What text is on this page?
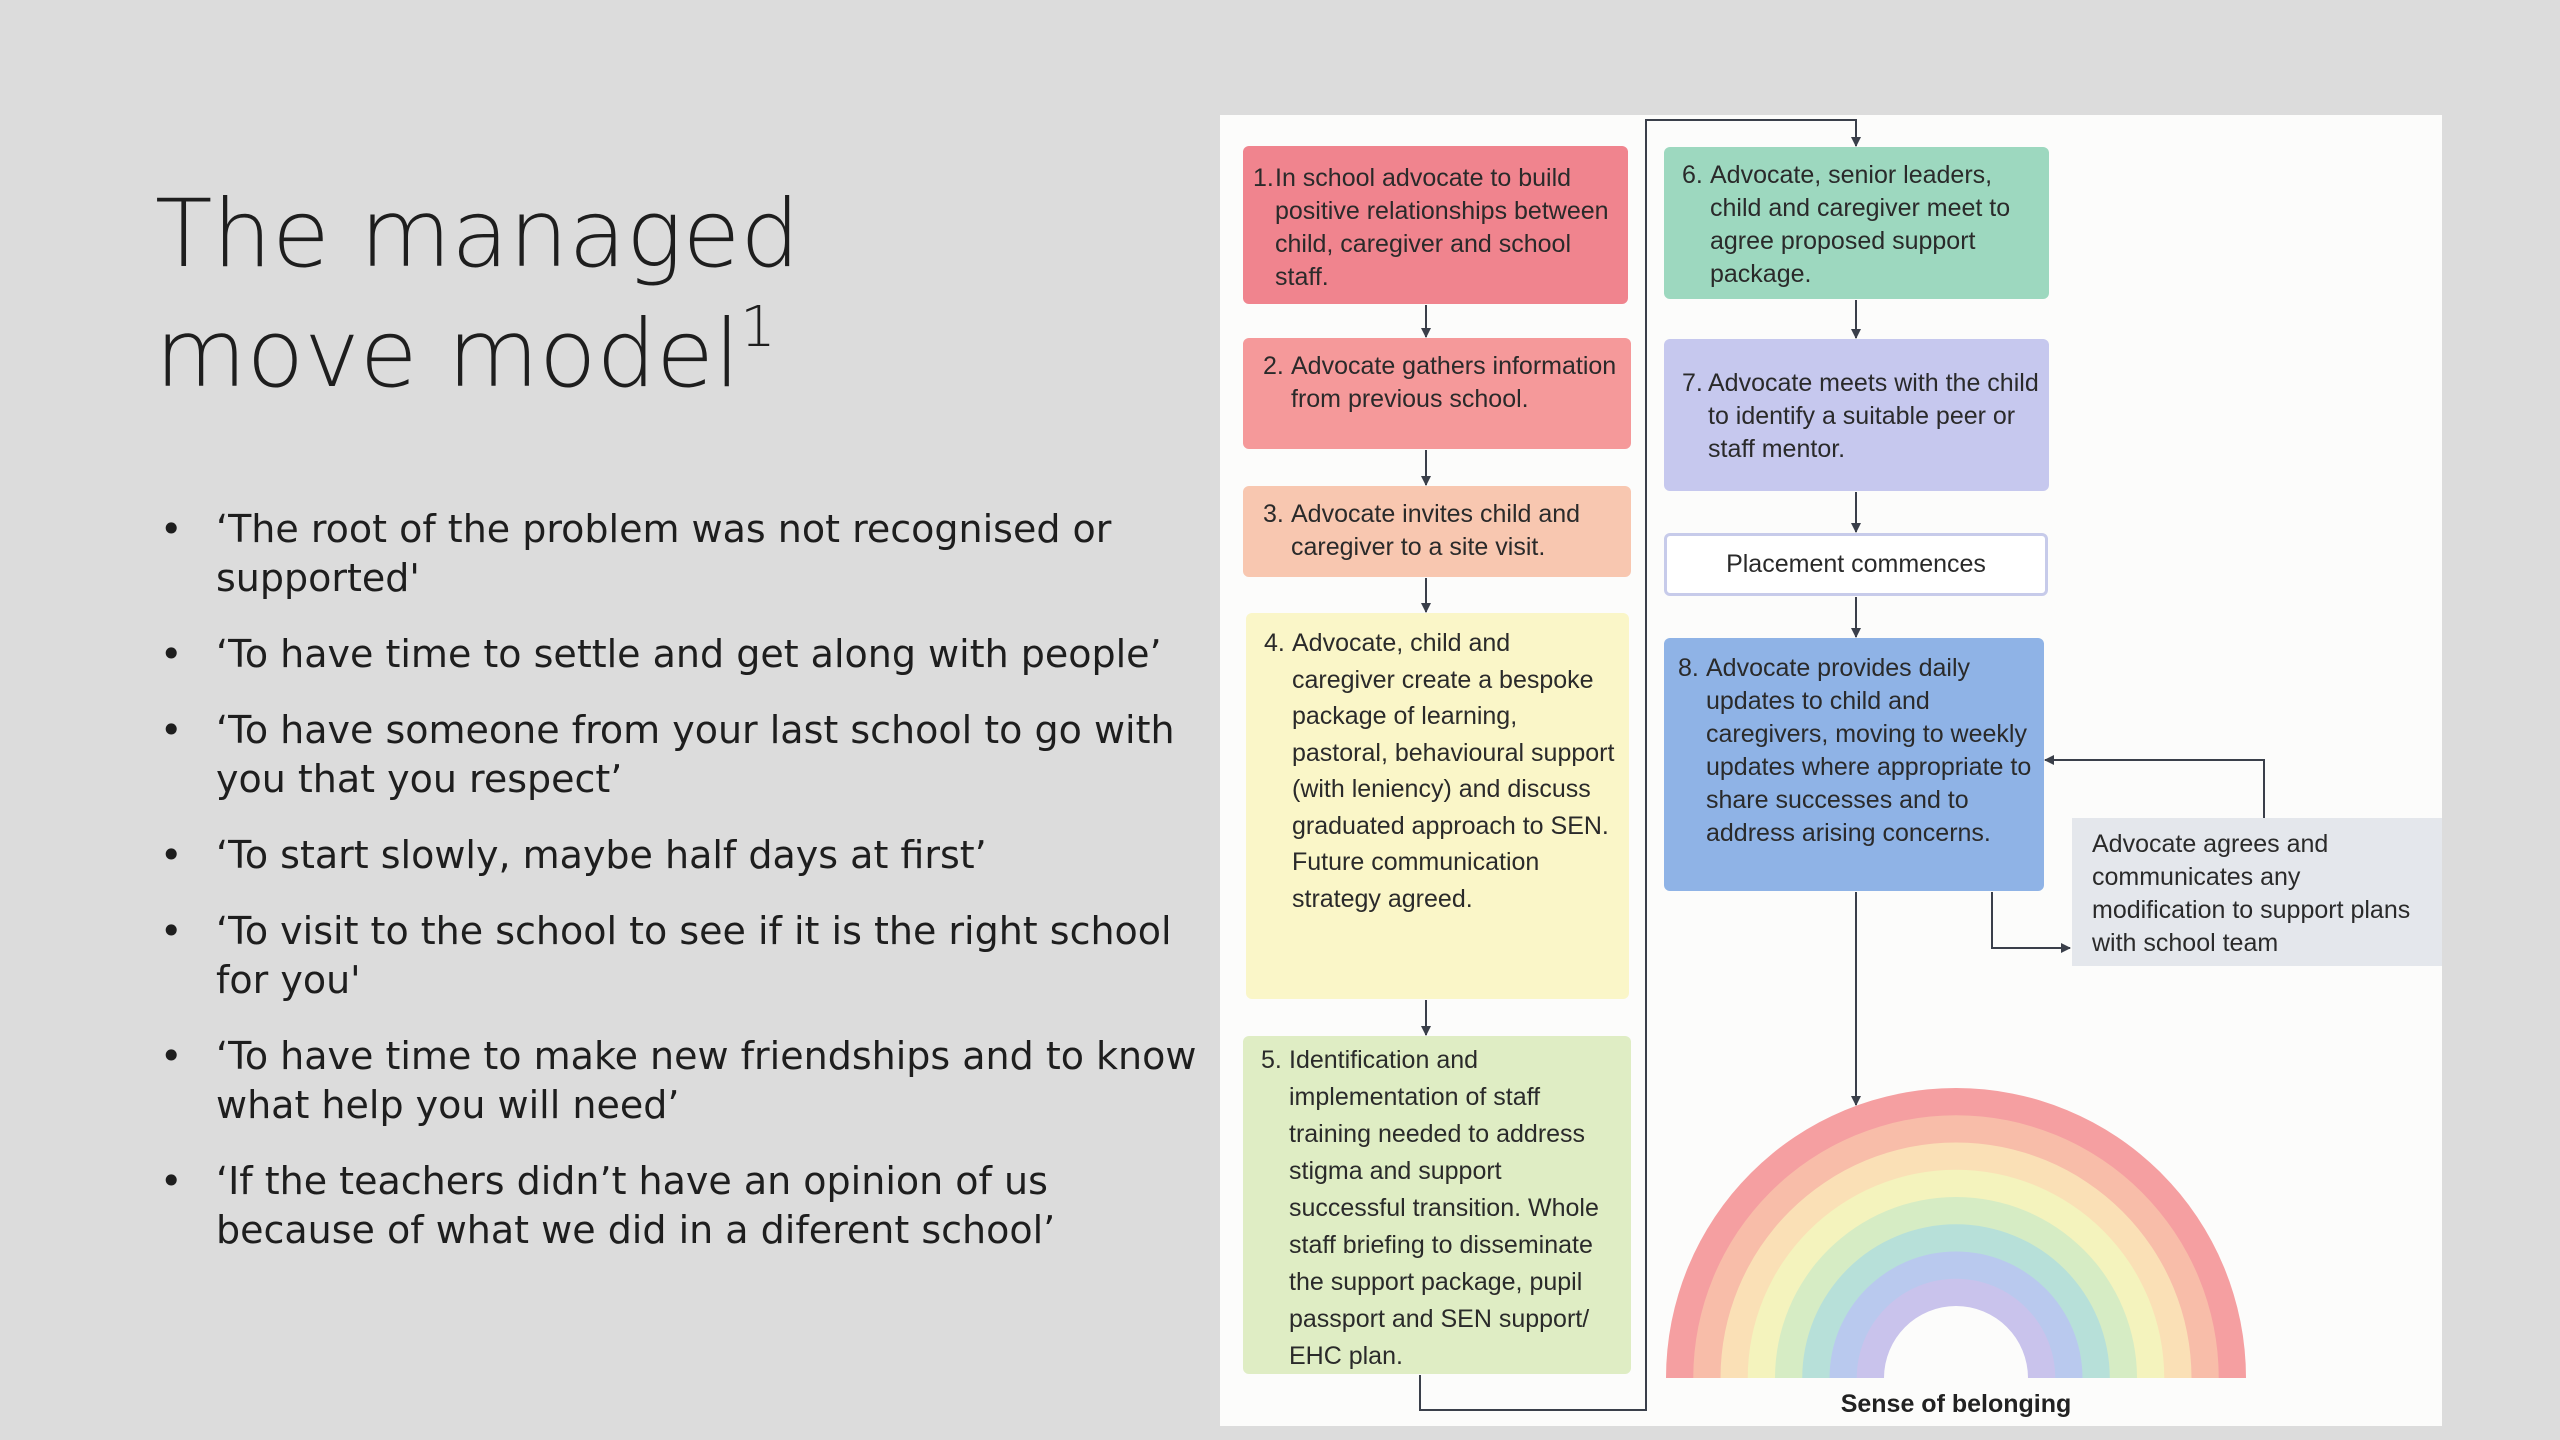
The managed move model$^1$
• ‘The root of the problem was not recognised or supported'
• ‘To have time to settle and get along with people’
• ‘To have someone from your last school to go with you that you respect’
• ‘To start slowly, maybe half days at first’
• ‘To visit to the school to see if it is the right school for you'
• ‘To have time to make new friendships and to know what help you will need’
• ‘If the teachers didn’t have an opinion of us because of what we did in a diferent school’
1. In school advocate to build positive relationships between child, caregiver and school staff.
2. Advocate gathers information from previous school.
3. Advocate invites child and caregiver to a site visit.
4. Advocate, child and caregiver create a bespoke package of learning, pastoral, behavioural support (with leniency) and discuss graduated approach to SEN. Future communication strategy agreed.
5. Identification and implementation of staff training needed to address stigma and support successful transition. Whole staff briefing to disseminate the support package, pupil passport and SEN support/ EHC plan.
6. Advocate, senior leaders, child and caregiver meet to agree proposed support package.
7. Advocate meets with the child to identify a suitable peer or staff mentor.
Placement commences
8. Advocate provides daily updates to child and caregivers, moving to weekly updates where appropriate to share successes and to address arising concerns.	Advocate agrees and communicates any modification to support plans with school team
Sense of belonging
